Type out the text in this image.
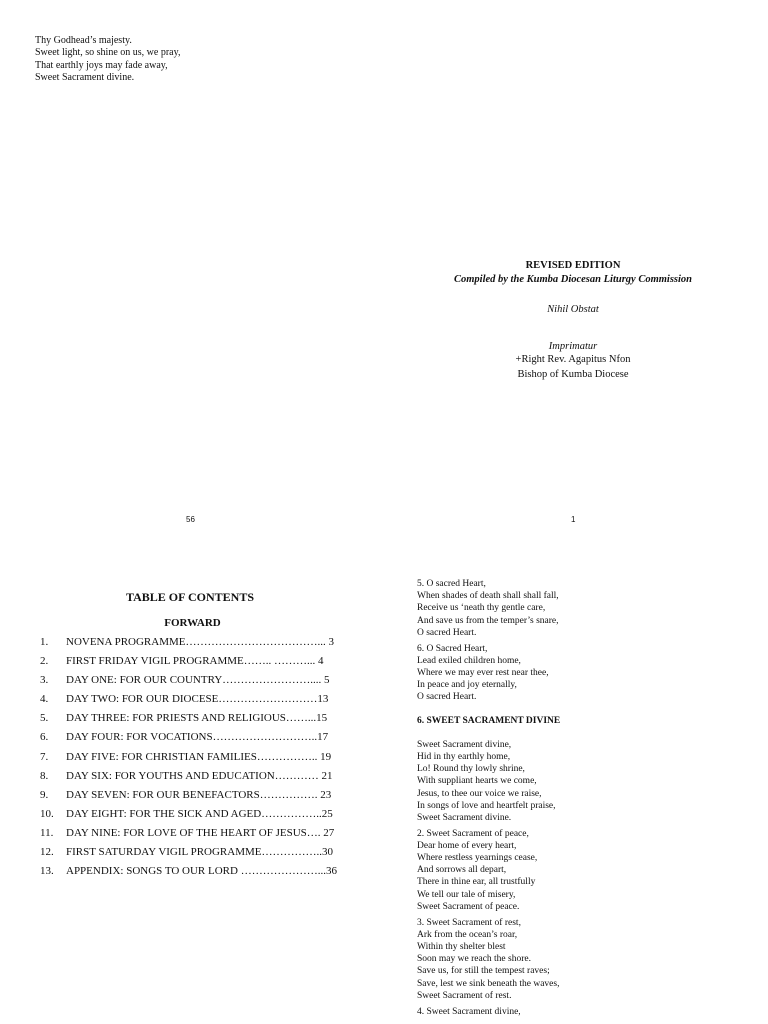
Thy Godhead’s majesty.
Sweet light, so shine on us, we pray,
That earthly joys may fade away,
Sweet Sacrament divine.
REVISED EDITION
Compiled by the Kumba Diocesan Liturgy Commission
Nihil Obstat
Imprimatur
+Right Rev. Agapitus Nfon
Bishop of Kumba Diocese
56	1
TABLE OF CONTENTS
FORWARD
1.	NOVENA PROGRAMME………………………………... 3
2.	FIRST FRIDAY VIGIL PROGRAMME…….. ………... 4
3.	DAY ONE: FOR OUR COUNTRY…………………….... 5
4.	DAY TWO: FOR OUR DIOCESE………………………13
5.	DAY THREE: FOR PRIESTS AND RELIGIOUS……...15
6.	DAY FOUR: FOR VOCATIONS………………………..17
7.	DAY FIVE: FOR CHRISTIAN FAMILIES…………….. 19
8.	DAY SIX: FOR YOUTHS AND EDUCATION………… 21
9.	DAY SEVEN: FOR OUR BENEFACTORS……………. 23
10.	DAY EIGHT: FOR THE SICK AND AGED……………..25
11.	DAY NINE: FOR LOVE OF THE HEART OF JESUS…. 27
12.	FIRST SATURDAY VIGIL PROGRAMME……………..30
13.	APPENDIX: SONGS TO OUR LORD …………………...36
5. O sacred Heart,
When shades of death shall shall fall,
Receive us ‘neath thy gentle care,
And save us from the temper’s snare,
O sacred Heart.
6. O Sacred Heart,
Lead exiled children home,
Where we may ever rest near thee,
In peace and joy eternally,
O sacred Heart.
6. SWEET SACRAMENT DIVINE
Sweet Sacrament divine,
Hid in thy earthly home,
Lo! Round thy lowly shrine,
With suppliant hearts we come,
Jesus, to thee our voice we raise,
In songs of love and heartfelt praise,
Sweet Sacrament divine.
2. Sweet Sacrament of peace,
Dear home of every heart,
Where restless yearnings cease,
And sorrows all depart,
There in thine ear, all trustfully
We tell our tale of misery,
Sweet Sacrament of peace.
3. Sweet Sacrament of rest,
Ark from the ocean’s roar,
Within thy shelter blest
Soon may we reach the shore.
Save us, for still the tempest raves;
Save, lest we sink beneath the waves,
Sweet Sacrament of rest.
4. Sweet Sacrament divine,
